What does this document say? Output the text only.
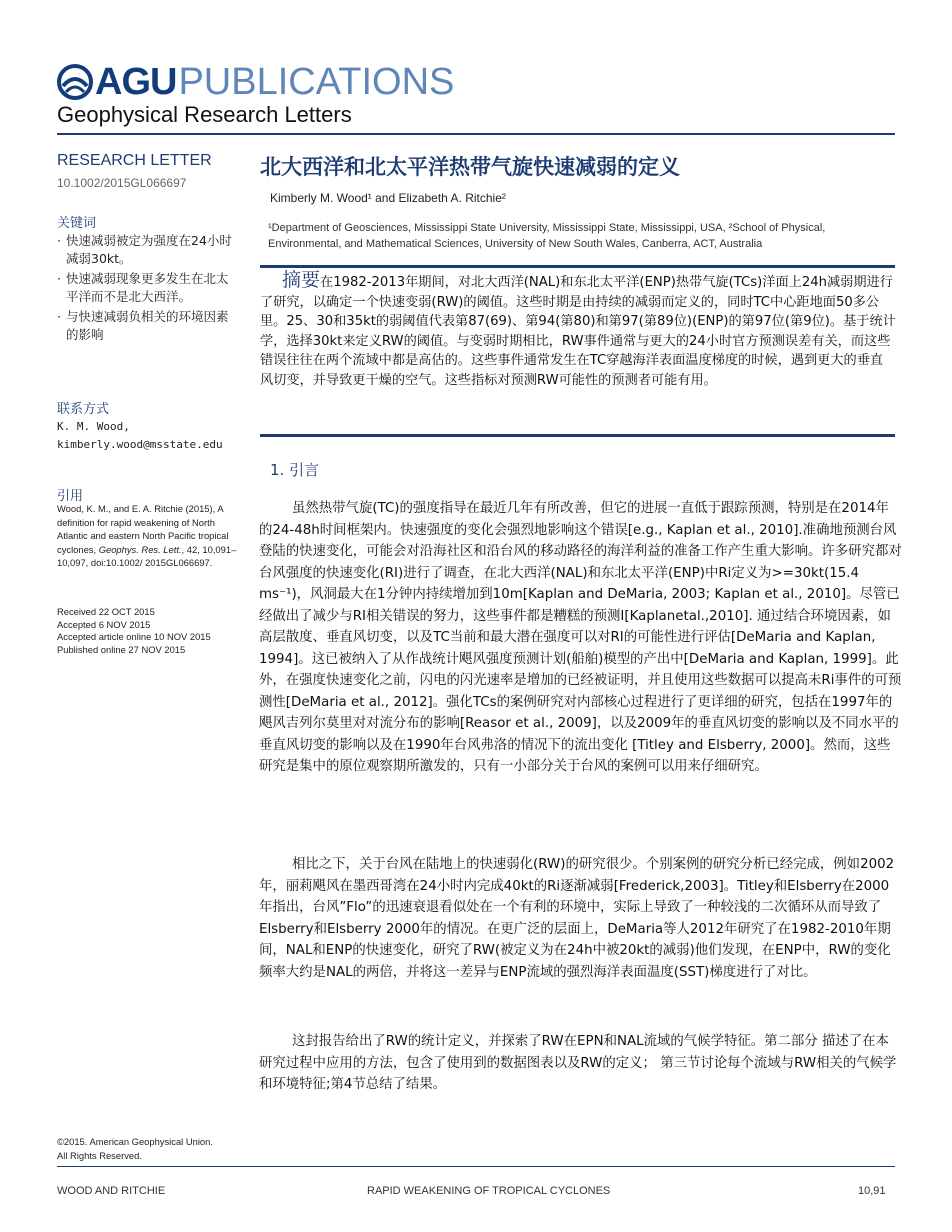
AGU PUBLICATIONS
Geophysical Research Letters
RESEARCH LETTER
10.1002/2015GL066697
关键词
· 快速减弱被定为强度在24小时减弱30kt。
· 快速减弱现象更多发生在北太平洋而不是北大西洋。
· 与快速减弱负相关的环境因素的影响
联系方式
K. M. Wood,
kimberly.wood@msstate.edu
引用
Wood, K. M., and E. A. Ritchie (2015), A definition for rapid weakening of North Atlantic and eastern North Pacific tropical cyclones, Geophys. Res. Lett., 42, 10,091–10,097, doi:10.1002/ 2015GL066697.
Received 22 OCT 2015
Accepted 6 NOV 2015
Accepted article online 10 NOV 2015
Published online 27 NOV 2015
北大西洋和北太平洋热带气旋快速减弱的定义
Kimberly M. Wood¹ and Elizabeth A. Ritchie²
¹Department of Geosciences, Mississippi State University, Mississippi State, Mississippi, USA, ²School of Physical, Environmental, and Mathematical Sciences, University of New South Wales, Canberra, ACT, Australia
摘要在1982-2013年期间，对北大西洋(NAL)和东北太平洋(ENP)热带气旋(TCs)洋面上24h减弱期进行了研究，以确定一个快速变弱(RW)的阈值。这些时期是由持续的减弱而定义的，同时TC中心距地面50多公里。25、30和35kt的弱阈值代表第87(69)、第94(第80)和第97(第89位)(ENP)的第97位(第9位)。基于统计学，选择30kt来定义RW的阈值。与变弱时期相比，RW事件通常与更大的24小时官方预测误差有关，而这些错误往往在两个流域中都是高估的。这些事件通常发生在TC穿越海洋表面温度梯度的时候，遇到更大的垂直 风切变，并导致更干燥的空气。这些指标对预测RW可能性的预测者可能有用。
1. 引言
虽然热带气旋(TC)的强度指导在最近几年有所改善，但它的进展一直低于跟踪预测，特别是在2014年的24-48h时间框架内。快速强度的变化会强烈地影响这个错误[e.g., Kaplan et al., 2010].准确地预测台风登陆的快速变化，可能会对沿海社区和沿台风的移动路径的海洋利益的准备工作产生重大影响。许多研究都对台风强度的快速变化(RI)进行了调查，在北大西洋(NAL)和东北太平洋(ENP)中Ri定义为>=30kt(15.4 ms⁻¹)，风洞最大在1分钟内持续增加到10m[Kaplan and DeMaria, 2003; Kaplan et al., 2010]。尽管已经做出了减少与RI相关错误的努力，这些事件都是糟糕的预测I[Kaplanetal.,2010]. 通过结合环境因素，如高层散度、垂直风切变，以及TC当前和最大潜在强度可以对RI的可能性进行评估[DeMaria and Kaplan, 1994]。这已被纳入了从作战统计飓风强度预测计划(船舶)模型的产出中[DeMaria and Kaplan, 1999]。此外，在强度快速变化之前，闪电的闪光速率是增加的已经被证明，并且使用这些数据可以提高未Ri事件的可预测性[DeMaria et al., 2012]。强化TCs的案例研究对内部核心过程进行了更详细的研究，包括在1997年的飓风吉列尔莫里对对流分布的影响[Reasor et al., 2009]，以及2009年的垂直风切变的影响以及不同水平的垂直风切变的影响以及在1990年台风弗洛的情况下的流出变化 [Titley and Elsberry, 2000]。然而，这些研究是集中的原位观察期所激发的，只有一小部分关于台风的案例可以用来仔细研究。
相比之下，关于台风在陆地上的快速弱化(RW)的研究很少。个别案例的研究分析已经完成，例如2002年，丽莉飓风在墨西哥湾在24小时内完成40kt的Ri逐渐减弱[Frederick,2003]。Titley和Elsberry在2000年指出，台风”Flo”的迅速衰退看似处在一个有利的环境中，实际上导致了一种较浅的二次循环从而导致了Elsberry和Elsberry 2000年的情况。在更广泛的层面上，DeMaria等人2012年研究了在1982-2010年期间，NAL和ENP的快速变化，研究了RW(被定义为在24h中被20kt的减弱)他们发现，在ENP中，RW的变化频率大约是NAL的两倍，并将这一差异与ENP流域的强烈海洋表面温度(SST)梯度进行了对比。
这封报告给出了RW的统计定义，并探索了RW在EPN和NAL流域的气候学特征。第二部分 描述了在本研究过程中应用的方法，包含了使用到的数据图表以及RW的定义； 第三节讨论每个流域与RW相关的气候学和环境特征;第4节总结了结果。
©2015. American Geophysical Union.
All Rights Reserved.
WOOD AND RITCHIE	RAPID WEAKENING OF TROPICAL CYCLONES	10,91
